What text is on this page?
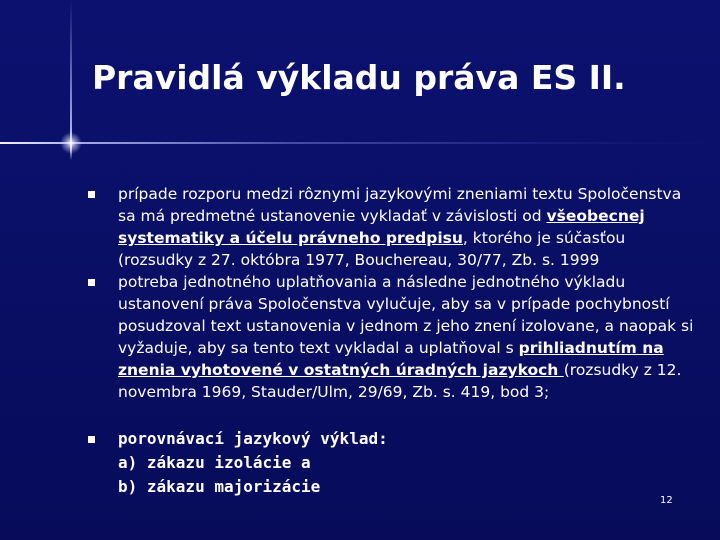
Pravidlá výkladu práva ES II.
prípade rozporu medzi rôznymi jazykovými zneniami textu Spoločenstva sa má predmetné ustanovenie vykladať v závislosti od všeobecnej systematiky a účelu právneho predpisu, ktorého je súčasťou (rozsudky z 27. októbra 1977, Bouchereau, 30/77, Zb. s. 1999
potreba jednotného uplatňovania a následne jednotného výkladu ustanovení práva Spoločenstva vylučuje, aby sa v prípade pochybností posudzoval text ustanovenia v jednom z jeho znení izolovane, a naopak si vyžaduje, aby sa tento text vykladal a uplatňoval s prihliadnutím na znenia vyhotovené v ostatných úradných jazykoch (rozsudky z 12. novembra 1969, Stauder/Ulm, 29/69, Zb. s. 419, bod 3;
porovnávací jazykový výklad:
a) zákazu izolácie a
b) zákazu majorizácie
12
